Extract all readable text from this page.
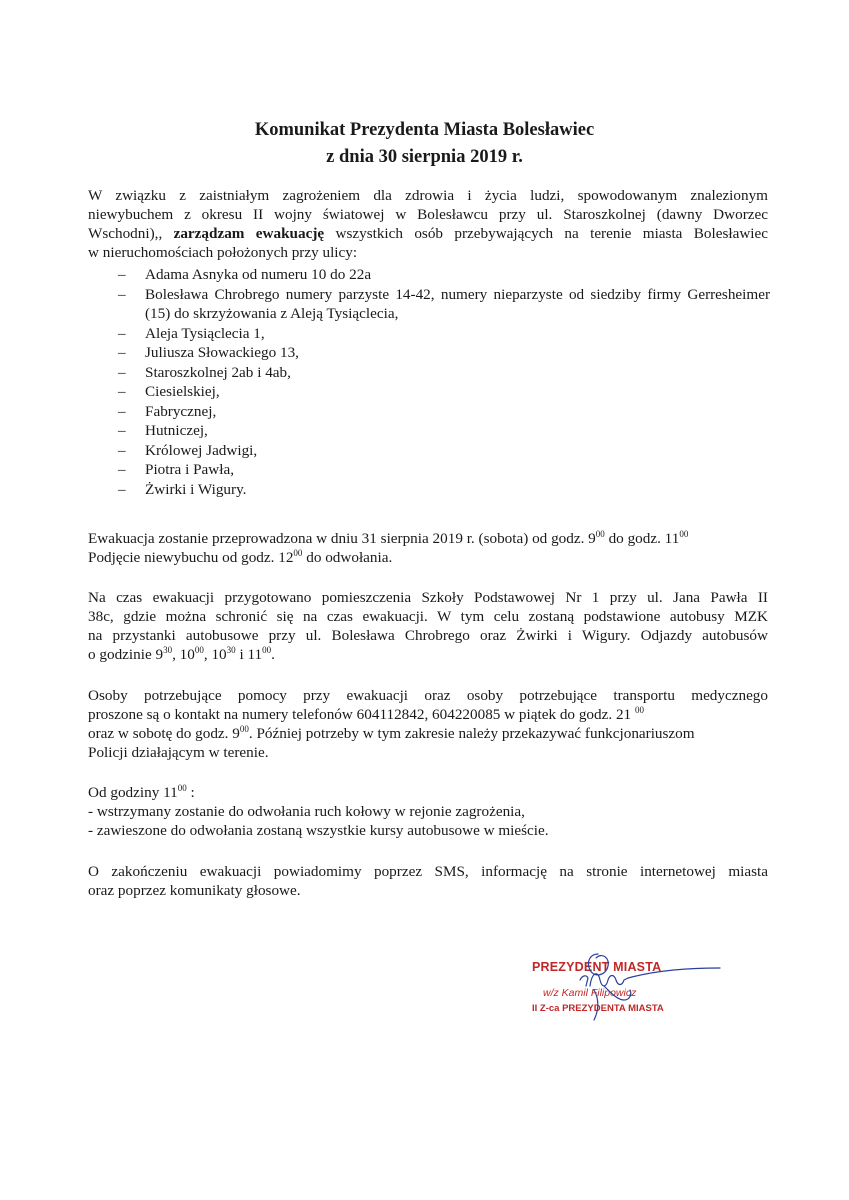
Komunikat Prezydenta Miasta Bolesławiec
z dnia 30 sierpnia 2019 r.
W związku z zaistniałym zagrożeniem dla zdrowia i życia ludzi, spowodowanym znalezionym
niewybuchem z okresu II wojny światowej w Bolesławcu przy ul. Staroszkolnej (dawny Dworzec
Wschodni),, zarządzam ewakuację wszystkich osób przebywających na terenie miasta Bolesławiec
w nieruchomościach położonych przy ulicy:
– Adama Asnyka od numeru 10 do 22a
– Bolesława Chrobrego numery parzyste 14-42, numery nieparzyste od siedziby firmy Gerresheimer (15) do skrzyżowania z Aleją Tysiąclecia,
– Aleja Tysiąclecia 1,
– Juliusza Słowackiego 13,
– Staroszkolnej 2ab i 4ab,
– Ciesielskiej,
– Fabrycznej,
– Hutniczej,
– Królowej Jadwigi,
– Piotra i Pawła,
– Żwirki i Wigury.
Ewakuacja zostanie przeprowadzona w dniu 31 sierpnia 2019 r. (sobota) od godz. $9^{00}$ do godz. $11^{00}$
Podjęcie niewybuchu od godz. $12^{00}$ do odwołania.
Na czas ewakuacji przygotowano pomieszczenia Szkoły Podstawowej Nr 1 przy ul. Jana Pawła II
38c, gdzie można schronić się na czas ewakuacji. W tym celu zostaną podstawione autobusy MZK
na przystanki autobusowe przy ul. Bolesława Chrobrego oraz Żwirki i Wigury. Odjazdy autobusów
o godzinie $9^{30}$, $10^{00}$, $10^{30}$ i $11^{00}$.
Osoby potrzebujące pomocy przy ewakuacji oraz osoby potrzebujące transportu medycznego
proszone są o kontakt na numery telefonów 604112842, 604220085 w piątek do godz. 21 $^{00}$
oraz w sobotę do godz. $9^{00}$. Później potrzeby w tym zakresie należy przekazywać funkcjonariuszom
Policji działającym w terenie.
Od godziny $11^{00}$ :
- wstrzymany zostanie do odwołania ruch kołowy w rejonie zagrożenia,
- zawieszone do odwołania zostaną wszystkie kursy autobusowe w mieście.
O zakończeniu ewakuacji powiadomimy poprzez SMS, informację na stronie internetowej miasta
oraz poprzez komunikaty głosowe.
PREZYDENT MIASTA
w/z Kamil Filipowicz
II Z-ca PREZYDENTA MIASTA
